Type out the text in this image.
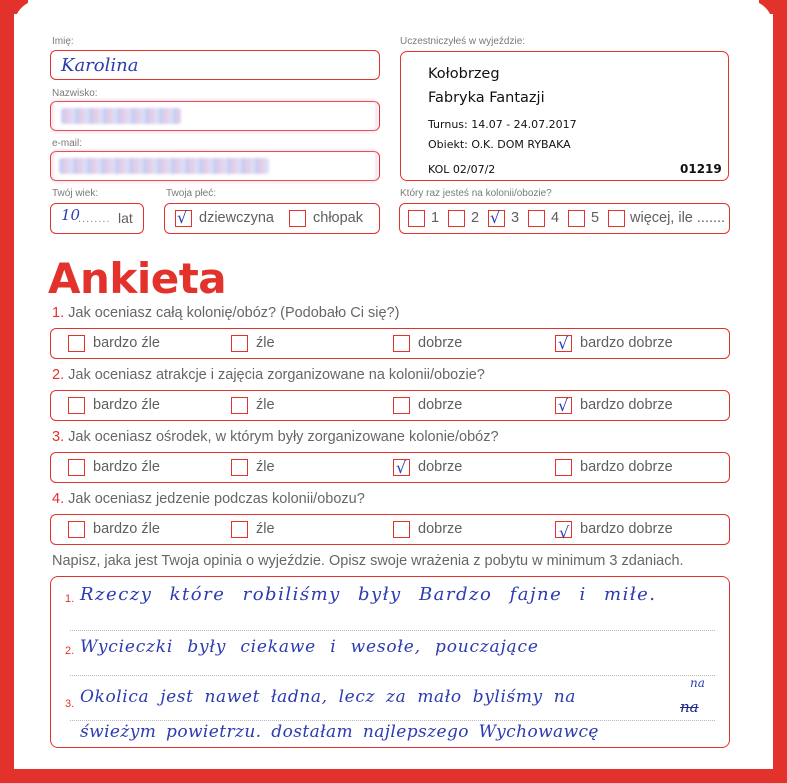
Imię:
Karolina
Nazwisko:
e-mail:
Twój wiek:
10
........ lat
Twoja płeć:
√ dziewczyna	chłopak
Uczestniczyłeś w wyjeździe:
Kołobrzeg
Fabryka Fantazji
Turnus: 14.07 - 24.07.2017
Obiekt: O.K. DOM RYBAKA
KOL 02/07/2	01219
Który raz jesteś na kolonii/obozie?
1 2 √ 3 4 5 więcej, ile .......
Ankieta
1. Jak oceniasz całą kolonię/obóz? (Podobało Ci się?)
bardzo źle	źle	dobrze	√ bardzo dobrze
2. Jak oceniasz atrakcje i zajęcia zorganizowane na kolonii/obozie?
bardzo źle	źle	dobrze	√ bardzo dobrze
3. Jak oceniasz ośrodek, w którym były zorganizowane kolonie/obóz?
bardzo źle	źle	√ dobrze	bardzo dobrze
4. Jak oceniasz jedzenie podczas kolonii/obozu?
bardzo źle	źle	dobrze	√ bardzo dobrze
Napisz, jaka jest Twoja opinia o wyjeździe. Opisz swoje wrażenia z pobytu w minimum 3 zdaniach.
1.
2.
3.
Rzeczy które robiliśmy były Bardzo fajne i miłe.
Wycieczki były ciekawe i wesołe, pouczające
Okolica jest nawet ładna, lecz za mało byliśmy na
na
na
świeżym powietrzu. dostałam najlepszego Wychowawcę
